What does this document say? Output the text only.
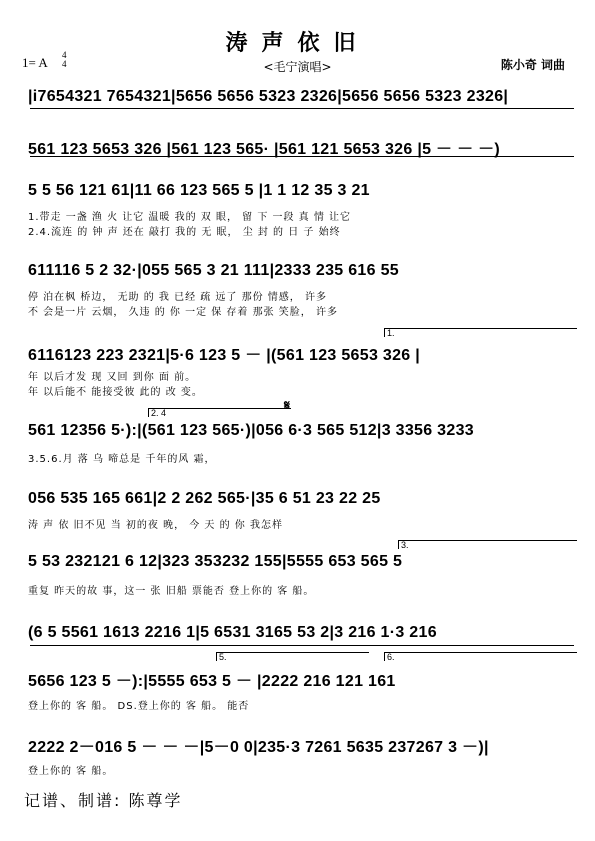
涛声依旧
<毛宁演唱>
1= A 4
4	陈小奇 词曲
|i7654321 7654321|5656 5656 5323 2326|5656 5656 5323 2326|
561 123 5653 326 |561 123 565· |561 121 5653 326 |5 － － －)
5 5 56 121 61|11 66 123 565 5 |1 1 12 35 3 21
1.带走 一盏 渔 火 让它 温暖 我的 双 眼， 留 下 一段 真 情 让它
2.4.流连 的 钟 声 还在 敲打 我的 无 眠， 尘 封 的 日 子 始终
611116 5 2 32·|055 565 3 21 111|2333 235 616 55
停 泊在枫 桥边， 无助 的 我 已经 疏 远了 那份 情感， 许多
不 会是一片 云烟， 久违 的 你 一定 保 存着 那张 笑脸， 许多
1.
6116123 223 2321|5·6 123 5 － |(561 123 5653 326 |
年 以后才发 现 又回 到你 面 前。
年 以后能不 能接受彼 此的 改 变。
2. 4	𝄋
561 12356 5·):|(561 123 565·)|056 6·3 565 512|3 3356 3233
3.5.6.月 落 乌 啼总是 千年的风 霜，
056 535 165 661|2 2 262 565·|35 6 51 23 22 25
涛 声 依 旧不见 当 初的夜 晚， 今 天 的 你 我怎样
3.
5 53 232121 6 12|323 353232 155|5555 653 565 5
重复 昨天的故 事，这一 张 旧船 票能否 登上你的 客 船。
(6 5 5561 1613 2216 1|5 6531 3165 53 2|3 216 1·3 216
5.	6.
5656 123 5 －):|5555 653 5 － |2222 216 121 161
登上你的 客 船。 DS.登上你的 客 船。 能否
2222 2－016 5 － － －|5－0 0|235·3 7261 5635 237267 3 －)|
登上你的 客 船。
记谱、制谱: 陈尊学
